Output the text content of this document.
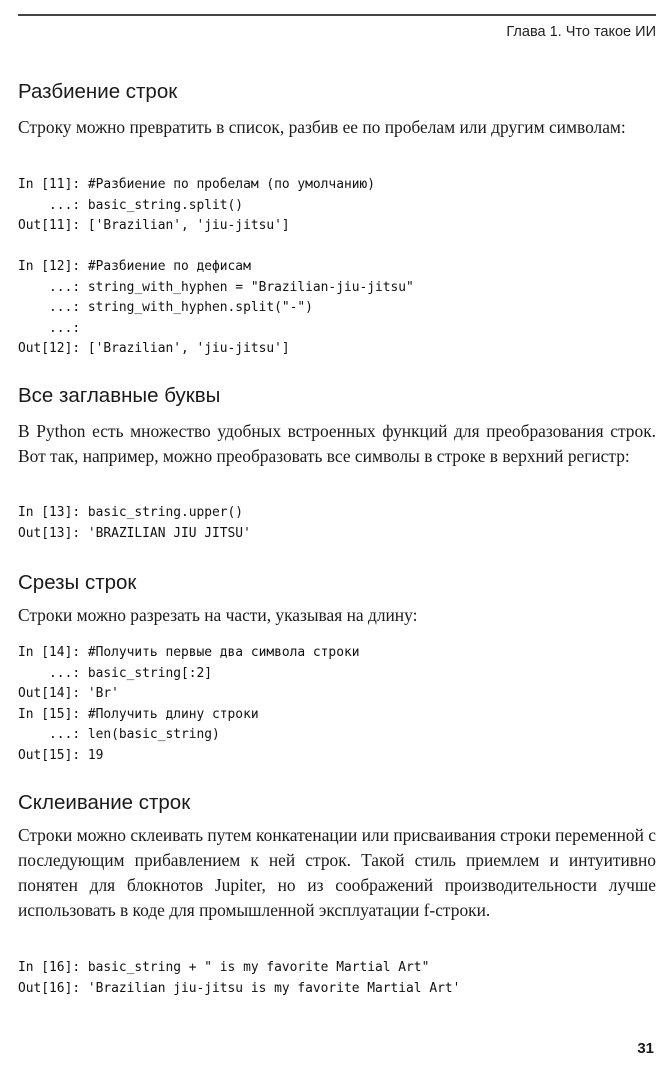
Глава 1. Что такое ИИ
Разбиение строк
Строку можно превратить в список, разбив ее по пробелам или другим символам:
In [11]: #Разбиение по пробелам (по умолчанию)
...: basic_string.split()
Out[11]: ['Brazilian', 'jiu-jitsu']

In [12]: #Разбиение по дефисам
...: string_with_hyphen = "Brazilian-jiu-jitsu"
...: string_with_hyphen.split("-")
...:
Out[12]: ['Brazilian', 'jiu-jitsu']
Все заглавные буквы
В Python есть множество удобных встроенных функций для преобразования строк. Вот так, например, можно преобразовать все символы в строке в верхний регистр:
In [13]: basic_string.upper()
Out[13]: 'BRAZILIAN JIU JITSU'
Срезы строк
Строки можно разрезать на части, указывая на длину:
In [14]: #Получить первые два символа строки
...: basic_string[:2]
Out[14]: 'Br'
In [15]: #Получить длину строки
...: len(basic_string)
Out[15]: 19
Склеивание строк
Строки можно склеивать путем конкатенации или присваивания строки переменной с последующим прибавлением к ней строк. Такой стиль приемлем и интуитивно понятен для блокнотов Jupiter, но из соображений производительности лучше использовать в коде для промышленной эксплуатации f-строки.
In [16]: basic_string + " is my favorite Martial Art"
Out[16]: 'Brazilian jiu-jitsu is my favorite Martial Art'
31
